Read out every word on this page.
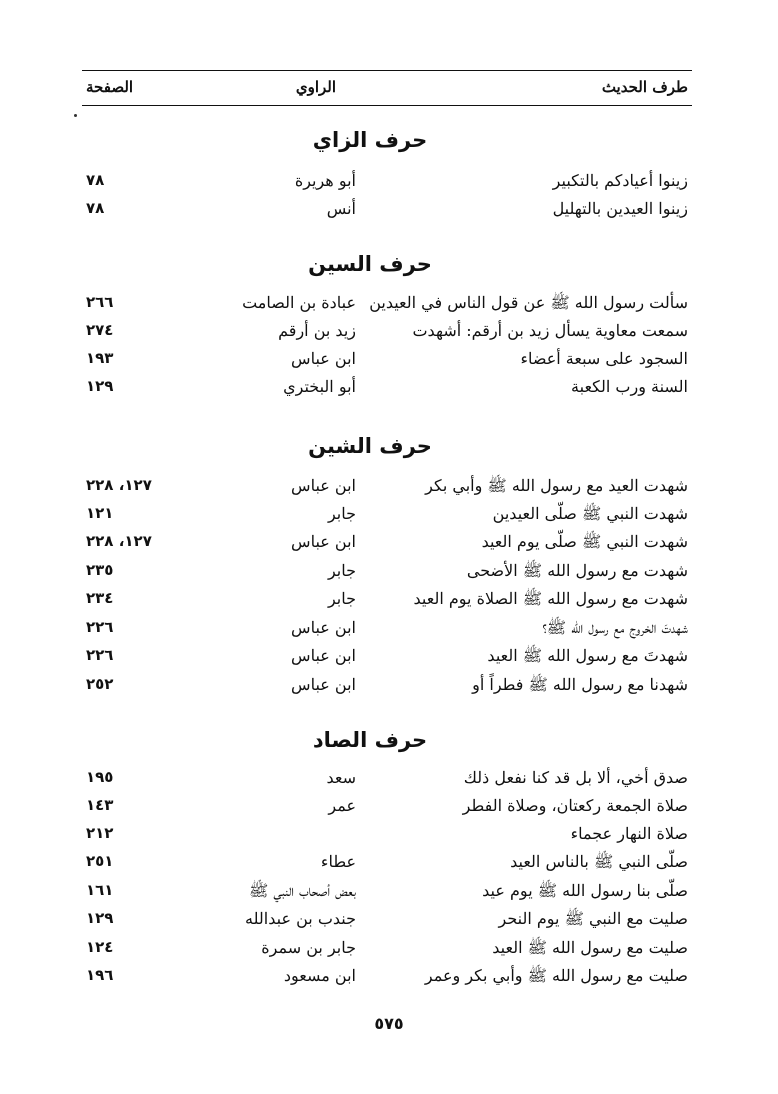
طرف الحديث
الراوي
الصفحة
حرف الزاي
زينوا أعيادكم بالتكبير
أبو هريرة
٧٨
زينوا العيدين بالتهليل
أنس
٧٨
حرف السين
سألت رسول الله ﷺ عن قول الناس في العيدين
عبادة بن الصامت
٢٦٦
سمعت معاوية يسأل زيد بن أرقم: أشهدت
زيد بن أرقم
٢٧٤
السجود على سبعة أعضاء
ابن عباس
١٩٣
السنة ورب الكعبة
أبو البختري
١٢٩
حرف الشين
شهدت العيد مع رسول الله ﷺ وأبي بكر
ابن عباس
١٢٧، ٢٢٨
شهدت النبي ﷺ صلّى العيدين
جابر
١٢١
شهدت النبي ﷺ صلّى يوم العيد
ابن عباس
١٢٧، ٢٢٨
شهدت مع رسول الله ﷺ الأضحى
جابر
٢٣٥
شهدت مع رسول الله ﷺ الصلاة يوم العيد
جابر
٢٣٤
شهدتَ الخروج مع رسول الله ﷺ؟
ابن عباس
٢٢٦
شهدتَ مع رسول الله ﷺ العيد
ابن عباس
٢٢٦
شهدنا مع رسول الله ﷺ فطراً أو
ابن عباس
٢٥٢
حرف الصاد
صدق أخي، ألا بل قد كنا نفعل ذلك
سعد
١٩٥
صلاة الجمعة ركعتان، وصلاة الفطر
عمر
١٤٣
صلاة النهار عجماء
٢١٢
صلّى النبي ﷺ بالناس العيد
عطاء
٢٥١
صلّى بنا رسول الله ﷺ يوم عيد
بعض أصحاب النبي ﷺ
١٦١
صليت مع النبي ﷺ يوم النحر
جندب بن عبدالله
١٢٩
صليت مع رسول الله ﷺ العيد
جابر بن سمرة
١٢٤
صليت مع رسول الله ﷺ وأبي بكر وعمر
ابن مسعود
١٩٦
٥٧٥
